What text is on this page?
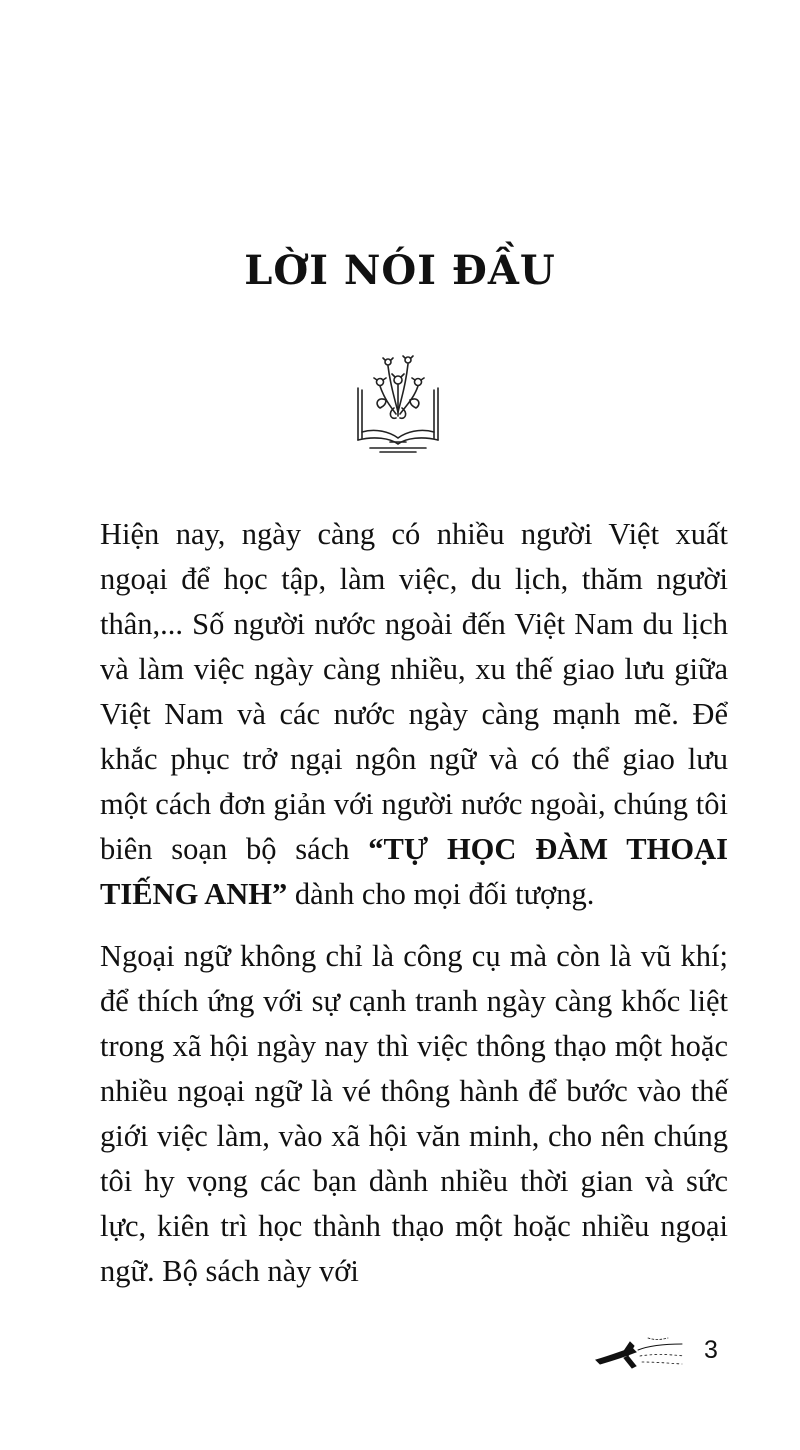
LỜI NÓI ĐẦU

Hiện nay, ngày càng có nhiều người Việt xuất ngoại để học tập, làm việc, du lịch, thăm người thân,... Số người nước ngoài đến Việt Nam du lịch và làm việc ngày càng nhiều, xu thế giao lưu giữa Việt Nam và các nước ngày càng mạnh mẽ. Để khắc phục trở ngại ngôn ngữ và có thể giao lưu một cách đơn giản với người nước ngoài, chúng tôi biên soạn bộ sách “TỰ HỌC ĐÀM THOẠI TIẾNG ANH” dành cho mọi đối tượng.

Ngoại ngữ không chỉ là công cụ mà còn là vũ khí; để thích ứng với sự cạnh tranh ngày càng khốc liệt trong xã hội ngày nay thì việc thông thạo một hoặc nhiều ngoại ngữ là vé thông hành để bước vào thế giới việc làm, vào xã hội văn minh, cho nên chúng tôi hy vọng các bạn dành nhiều thời gian và sức lực, kiên trì học thành thạo một hoặc nhiều ngoại ngữ. Bộ sách này với

3
